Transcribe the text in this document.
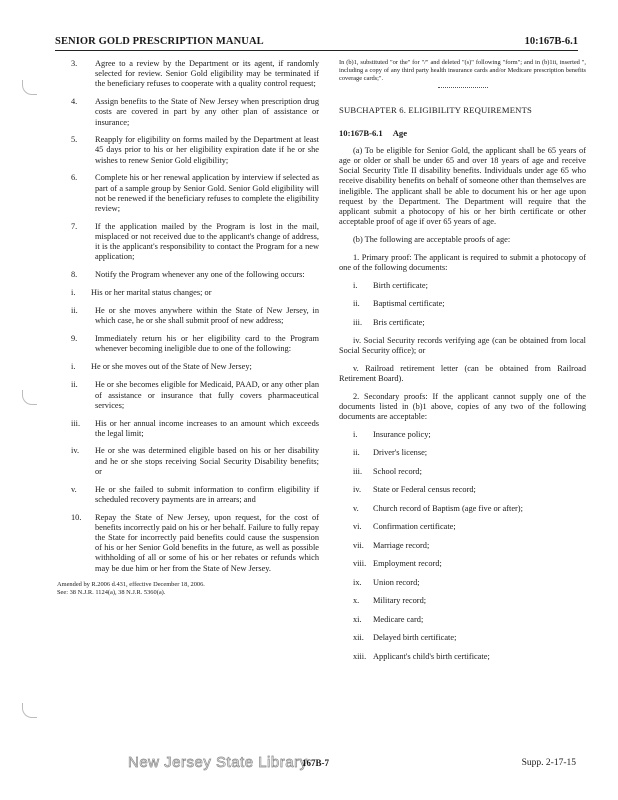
SENIOR GOLD PRESCRIPTION MANUAL	10:167B-6.1
3.	Agree to a review by the Department or its agent, if randomly selected for review. Senior Gold eligibility may be terminated if the beneficiary refuses to cooperate with a quality control request;
4.	Assign benefits to the State of New Jersey when prescription drug costs are covered in part by any other plan of assistance or insurance;
5.	Reapply for eligibility on forms mailed by the Department at least 45 days prior to his or her eligibility expiration date if he or she wishes to renew Senior Gold eligibility;
6.	Complete his or her renewal application by interview if selected as part of a sample group by Senior Gold. Senior Gold eligibility will not be renewed if the beneficiary refuses to complete the eligibility review;
7.	If the application mailed by the Program is lost in the mail, misplaced or not received due to the applicant's change of address, it is the applicant's responsibility to contact the Program for a new application;
8.	Notify the Program whenever any one of the following occurs:
i.	His or her marital status changes; or
ii.	He or she moves anywhere within the State of New Jersey, in which case, he or she shall submit proof of new address;
9.	Immediately return his or her eligibility card to the Program whenever becoming ineligible due to one of the following:
i.	He or she moves out of the State of New Jersey;
ii.	He or she becomes eligible for Medicaid, PAAD, or any other plan of assistance or insurance that fully covers pharmaceutical services;
iii.	His or her annual income increases to an amount which exceeds the legal limit;
iv.	He or she was determined eligible based on his or her disability and he or she stops receiving Social Security Disability benefits; or
v.	He or she failed to submit information to confirm eligibility if scheduled recovery payments are in arrears; and
10.	Repay the State of New Jersey, upon request, for the cost of benefits incorrectly paid on his or her behalf. Failure to fully repay the State for incorrectly paid benefits could cause the suspension of his or her Senior Gold benefits in the future, as well as possible withholding of all or some of his or her rebates or refunds which may be due him or her from the State of New Jersey.
Amended by R.2006 d.431, effective December 18, 2006.
See: 38 N.J.R. 1124(a), 38 N.J.R. 5360(a).

In (b)1, substituted "or the" for "/" and deleted "(s)" following "form"; and in (b)1ii, inserted ", including a copy of any third party health insurance cards and/or Medicare prescription benefits coverage cards;".

SUBCHAPTER 6. ELIGIBILITY REQUIREMENTS
10:167B-6.1 Age

(a) To be eligible for Senior Gold, the applicant shall be 65 years of age or older or shall be under 65 and over 18 years of age and receive Social Security Title II disability benefits. Individuals under age 65 who receive disability benefits on behalf of someone other than themselves are ineligible. The applicant shall be able to document his or her age upon request by the Department. The Department will require that the applicant submit a photocopy of his or her birth certificate or other acceptable proof of age if over 65 years of age.

(b) The following are acceptable proofs of age:

1. Primary proof: The applicant is required to submit a photocopy of one of the following documents:

i.	Birth certificate;
ii.	Baptismal certificate;
iii.	Bris certificate;

iv. Social Security records verifying age (can be obtained from local Social Security office); or

v. Railroad retirement letter (can be obtained from Railroad Retirement Board).

2. Secondary proofs: If the applicant cannot supply one of the documents listed in (b)1 above, copies of any two of the following documents are acceptable:

i.	Insurance policy;
ii.	Driver's license;
iii.	School record;
iv.	State or Federal census record;
v.	Church record of Baptism (age five or after);
vi.	Confirmation certificate;
vii.	Marriage record;
viii. Employment record;
ix.	Union record;
x.	Military record;
xi.	Medicare card;
xii.	Delayed birth certificate;
xiii. Applicant's child's birth certificate;
New Jersey State Library
167B-7	Supp. 2-17-15
